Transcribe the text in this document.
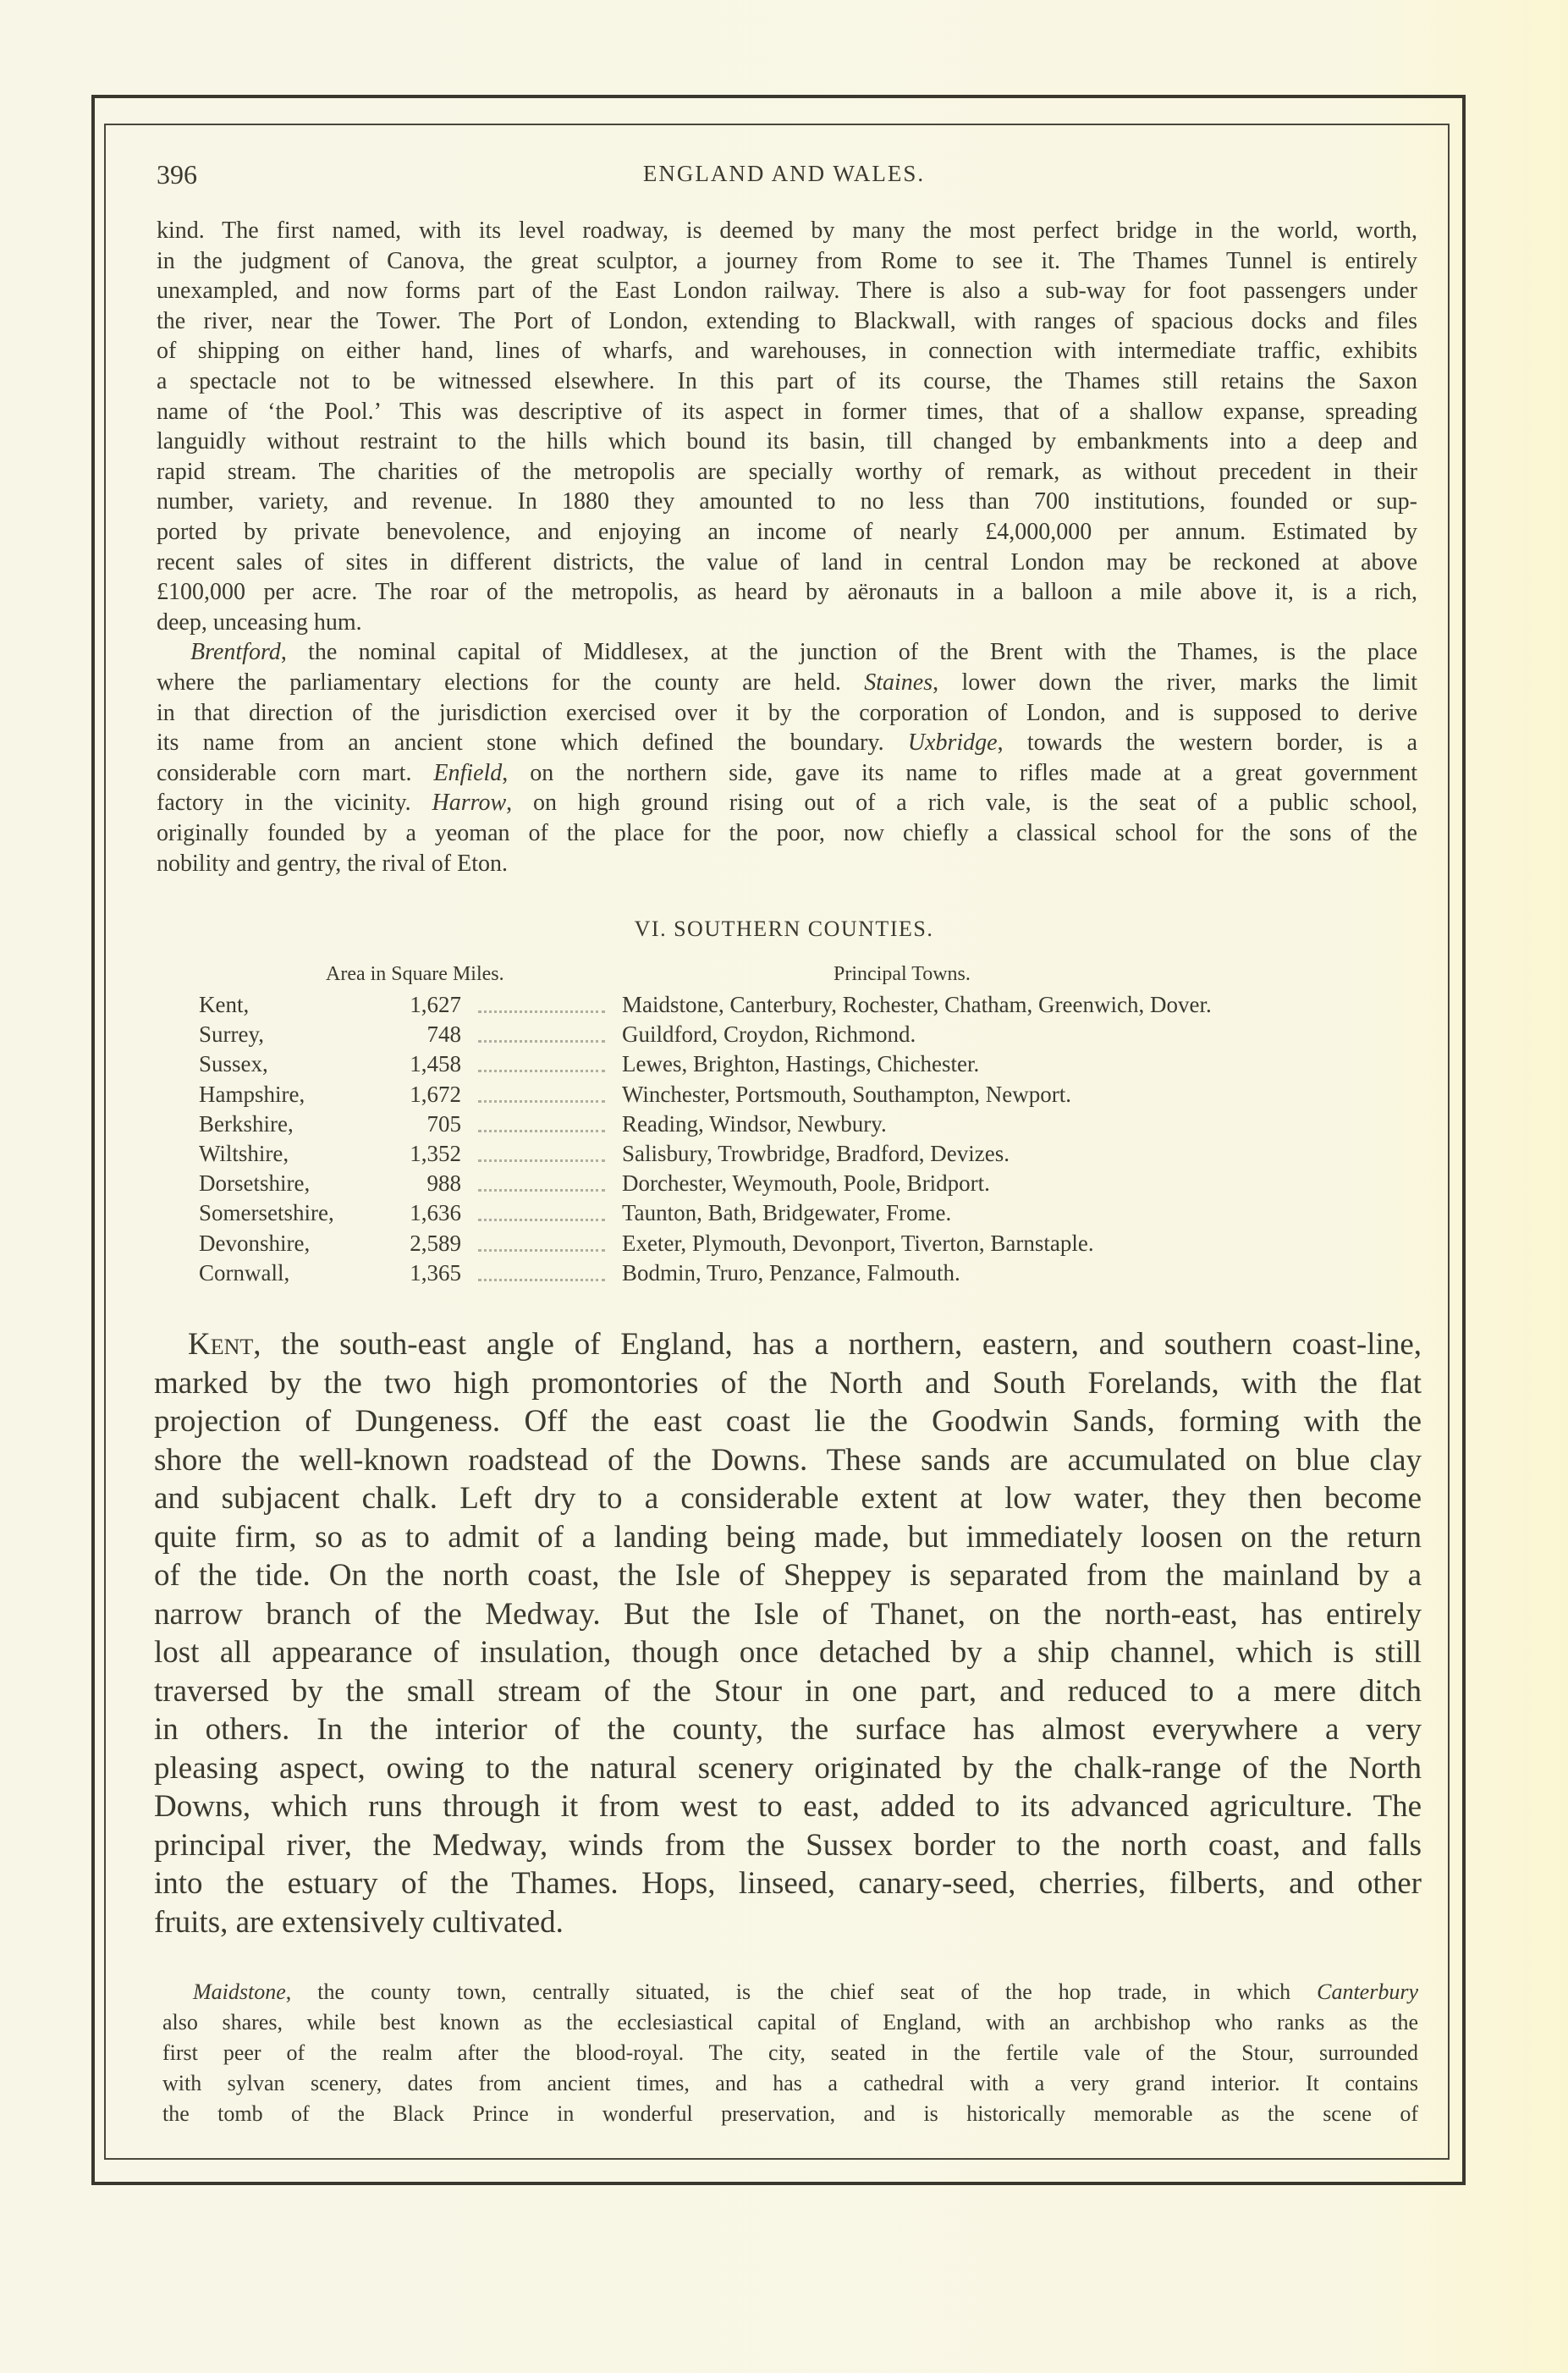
396	ENGLAND AND WALES.
kind. The first named, with its level roadway, is deemed by many the most perfect bridge in the world, worth,
in the judgment of Canova, the great sculptor, a journey from Rome to see it. The Thames Tunnel is entirely
unexampled, and now forms part of the East London railway. There is also a sub-way for foot passengers under
the river, near the Tower. The Port of London, extending to Blackwall, with ranges of spacious docks and files
of shipping on either hand, lines of wharfs, and warehouses, in connection with intermediate traffic, exhibits
a spectacle not to be witnessed elsewhere. In this part of its course, the Thames still retains the Saxon
name of ‘the Pool.’ This was descriptive of its aspect in former times, that of a shallow expanse, spreading
languidly without restraint to the hills which bound its basin, till changed by embankments into a deep and
rapid stream. The charities of the metropolis are specially worthy of remark, as without precedent in their
number, variety, and revenue. In 1880 they amounted to no less than 700 institutions, founded or sup-
ported by private benevolence, and enjoying an income of nearly £4,000,000 per annum. Estimated by
recent sales of sites in different districts, the value of land in central London may be reckoned at above
£100,000 per acre. The roar of the metropolis, as heard by aëronauts in a balloon a mile above it, is a rich,
deep, unceasing hum.
Brentford, the nominal capital of Middlesex, at the junction of the Brent with the Thames, is the place
where the parliamentary elections for the county are held. Staines, lower down the river, marks the limit
in that direction of the jurisdiction exercised over it by the corporation of London, and is supposed to derive
its name from an ancient stone which defined the boundary. Uxbridge, towards the western border, is a
considerable corn mart. Enfield, on the northern side, gave its name to rifles made at a great government
factory in the vicinity. Harrow, on high ground rising out of a rich vale, is the seat of a public school,
originally founded by a yeoman of the place for the poor, now chiefly a classical school for the sons of the
nobility and gentry, the rival of Eton.
VI. SOUTHERN COUNTIES.
Area in Square Miles.	Principal Towns.
Kent,	1,627	Maidstone, Canterbury, Rochester, Chatham, Greenwich, Dover.
Surrey,	748	Guildford, Croydon, Richmond.
Sussex,	1,458	Lewes, Brighton, Hastings, Chichester.
Hampshire,	1,672	Winchester, Portsmouth, Southampton, Newport.
Berkshire,	705	Reading, Windsor, Newbury.
Wiltshire,	1,352	Salisbury, Trowbridge, Bradford, Devizes.
Dorsetshire,	988	Dorchester, Weymouth, Poole, Bridport.
Somersetshire,	1,636	Taunton, Bath, Bridgewater, Frome.
Devonshire,	2,589	Exeter, Plymouth, Devonport, Tiverton, Barnstaple.
Cornwall,	1,365	Bodmin, Truro, Penzance, Falmouth.
Kent, the south-east angle of England, has a northern, eastern, and southern coast-line,
marked by the two high promontories of the North and South Forelands, with the flat
projection of Dungeness. Off the east coast lie the Goodwin Sands, forming with the
shore the well-known roadstead of the Downs. These sands are accumulated on blue clay
and subjacent chalk. Left dry to a considerable extent at low water, they then become
quite firm, so as to admit of a landing being made, but immediately loosen on the return
of the tide. On the north coast, the Isle of Sheppey is separated from the mainland by a
narrow branch of the Medway. But the Isle of Thanet, on the north-east, has entirely
lost all appearance of insulation, though once detached by a ship channel, which is still
traversed by the small stream of the Stour in one part, and reduced to a mere ditch
in others. In the interior of the county, the surface has almost everywhere a very
pleasing aspect, owing to the natural scenery originated by the chalk-range of the North
Downs, which runs through it from west to east, added to its advanced agriculture. The
principal river, the Medway, winds from the Sussex border to the north coast, and falls
into the estuary of the Thames. Hops, linseed, canary-seed, cherries, filberts, and other
fruits, are extensively cultivated.
Maidstone, the county town, centrally situated, is the chief seat of the hop trade, in which Canterbury
also shares, while best known as the ecclesiastical capital of England, with an archbishop who ranks as the
first peer of the realm after the blood-royal. The city, seated in the fertile vale of the Stour, surrounded
with sylvan scenery, dates from ancient times, and has a cathedral with a very grand interior. It contains
the tomb of the Black Prince in wonderful preservation, and is historically memorable as the scene of
